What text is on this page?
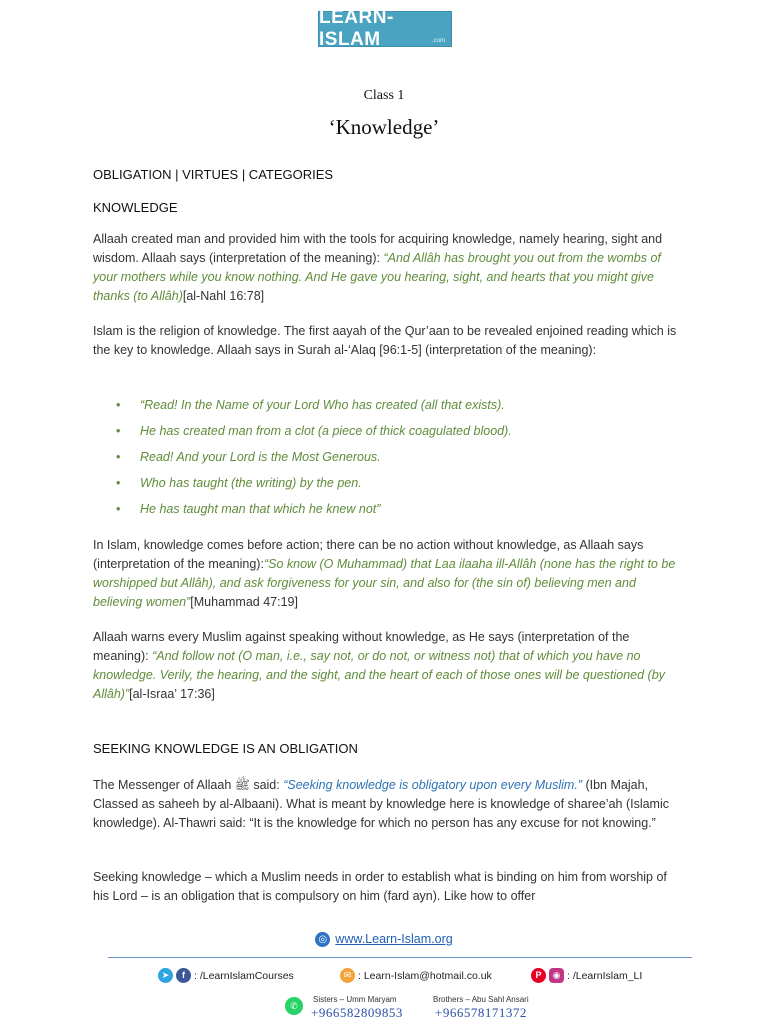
LEARN-ISLAM	.com
Class 1
‘Knowledge’
OBLIGATION | VIRTUES | CATEGORIES
KNOWLEDGE

Allaah created man and provided him with the tools for acquiring knowledge, namely hearing, sight and wisdom. Allaah says (interpretation of the meaning): “And Allâh has brought you out from the wombs of your mothers while you know nothing. And He gave you hearing, sight, and hearts that you might give thanks (to Allâh)[al-Nahl 16:78]

Islam is the religion of knowledge. The first aayah of the Qur’aan to be revealed enjoined reading which is the key to knowledge. Allaah says in Surah al-‘Alaq [96:1-5] (interpretation of the meaning):

• “Read! In the Name of your Lord Who has created (all that exists).
• He has created man from a clot (a piece of thick coagulated blood).
• Read! And your Lord is the Most Generous.
• Who has taught (the writing) by the pen.
• He has taught man that which he knew not”

In Islam, knowledge comes before action; there can be no action without knowledge, as Allaah says (interpretation of the meaning):“So know (O Muhammad) that Laa ilaaha ill-Allâh (none has the right to be worshipped but Allâh), and ask forgiveness for your sin, and also for (the sin of) believing men and believing women”[Muhammad 47:19]

Allaah warns every Muslim against speaking without knowledge, as He says (interpretation of the meaning): “And follow not (O man, i.e., say not, or do not, or witness not) that of which you have no knowledge. Verily, the hearing, and the sight, and the heart of each of those ones will be questioned (by Allâh)”[al-Israa’ 17:36]

SEEKING KNOWLEDGE IS AN OBLIGATION

The Messenger of Allaah ﷺ said: “Seeking knowledge is obligatory upon every Muslim.” (Ibn Majah, Classed as saheeh by al-Albaani). What is meant by knowledge here is knowledge of sharee’ah (Islamic knowledge). Al-Thawri said: “It is the knowledge for which no person has any excuse for not knowing.”

Seeking knowledge – which a Muslim needs in order to establish what is binding on him from worship of his Lord – is an obligation that is compulsory on him (fard ayn). Like how to offer

◎ www.Learn-Islam.org
➤	f : /LearnIslamCourses	✉ : Learn-Islam@hotmail.co.uk	P	◉ : /LearnIslam_LI
✆
Sisters – Umm Maryam
+966582809853
Brothers – Abu Sahl Ansari
+966578171372
